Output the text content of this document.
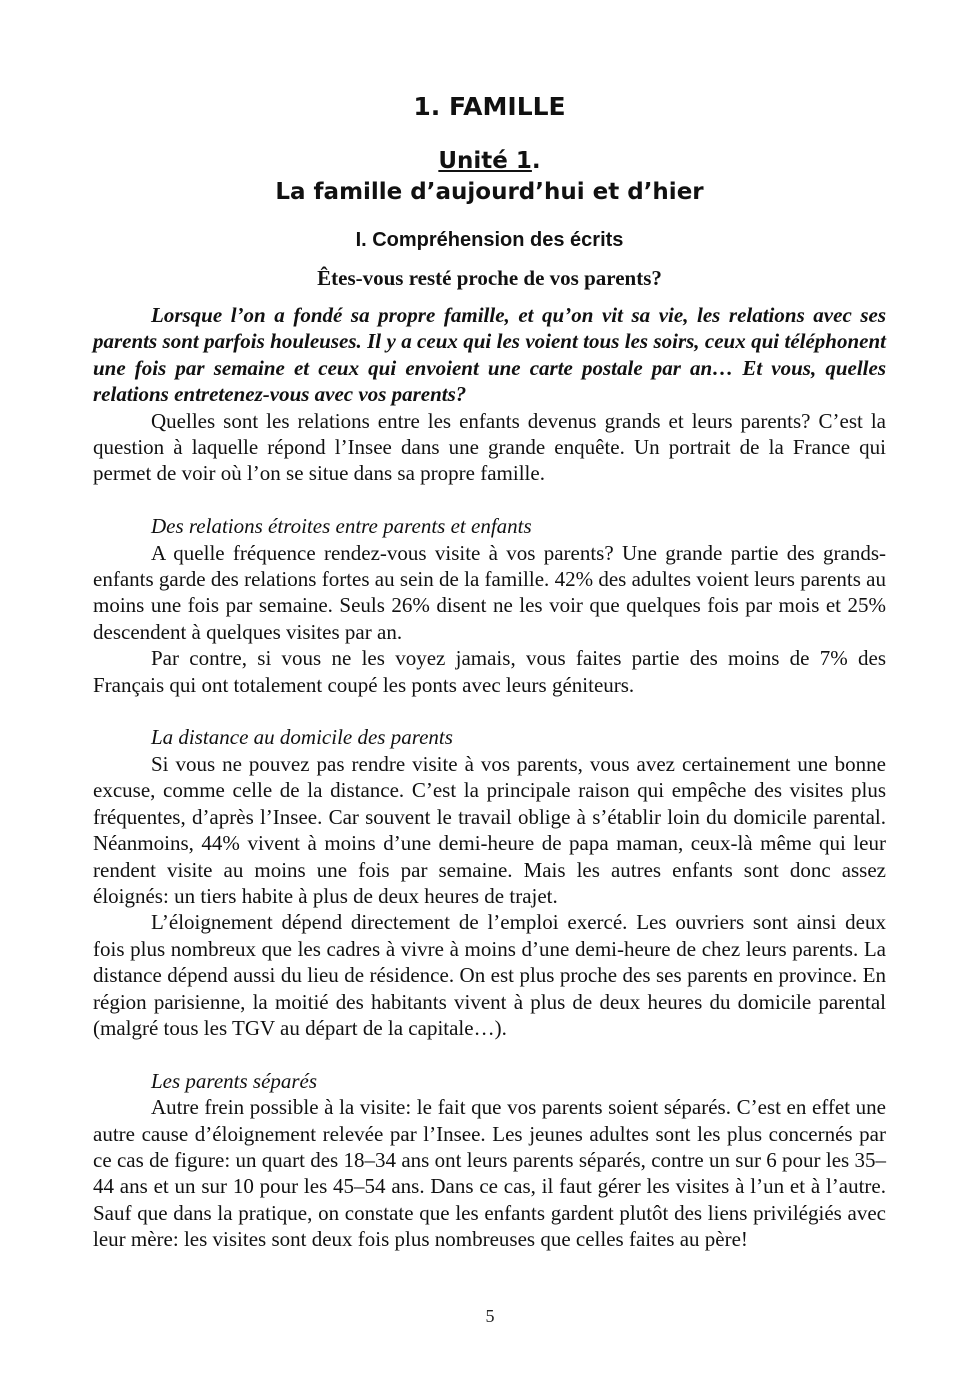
1. FAMILLE
Unité 1.
La famille d’aujourd’hui et d’hier
I. Compréhension des écrits
Êtes-vous resté proche de vos parents?

Lorsque l’on a fondé sa propre famille, et qu’on vit sa vie, les relations avec ses parents sont parfois houleuses. Il y a ceux qui les voient tous les soirs, ceux qui téléphonent une fois par semaine et ceux qui envoient une carte postale par an… Et vous, quelles relations entretenez-vous avec vos parents?

Quelles sont les relations entre les enfants devenus grands et leurs parents? C’est la question à laquelle répond l’Insee dans une grande enquête. Un portrait de la France qui permet de voir où l’on se situe dans sa propre famille.

Des relations étroites entre parents et enfants

A quelle fréquence rendez-vous visite à vos parents? Une grande partie des grands-enfants garde des relations fortes au sein de la famille. 42% des adultes voient leurs parents au moins une fois par semaine. Seuls 26% disent ne les voir que quelques fois par mois et 25% descendent à quelques visites par an.

Par contre, si vous ne les voyez jamais, vous faites partie des moins de 7% des Français qui ont totalement coupé les ponts avec leurs géniteurs.

La distance au domicile des parents

Si vous ne pouvez pas rendre visite à vos parents, vous avez certainement une bonne excuse, comme celle de la distance. C’est la principale raison qui empêche des visites plus fréquentes, d’après l’Insee. Car souvent le travail oblige à s’établir loin du domicile parental. Néanmoins, 44% vivent à moins d’une demi-heure de papa maman, ceux-là même qui leur rendent visite au moins une fois par semaine. Mais les autres enfants sont donc assez éloignés: un tiers habite à plus de deux heures de trajet.

L’éloignement dépend directement de l’emploi exercé. Les ouvriers sont ainsi deux fois plus nombreux que les cadres à vivre à moins d’une demi-heure de chez leurs parents. La distance dépend aussi du lieu de résidence. On est plus proche des ses parents en province. En région parisienne, la moitié des habitants vivent à plus de deux heures du domicile parental (malgré tous les TGV au départ de la capitale…).

Les parents séparés

Autre frein possible à la visite: le fait que vos parents soient séparés. C’est en effet une autre cause d’éloignement relevée par l’Insee. Les jeunes adultes sont les plus concernés par ce cas de figure: un quart des 18–34 ans ont leurs parents séparés, contre un sur 6 pour les 35–44 ans et un sur 10 pour les 45–54 ans. Dans ce cas, il faut gérer les visites à l’un et à l’autre. Sauf que dans la pratique, on constate que les enfants gardent plutôt des liens privilégiés avec leur mère: les visites sont deux fois plus nombreuses que celles faites au père!

5
